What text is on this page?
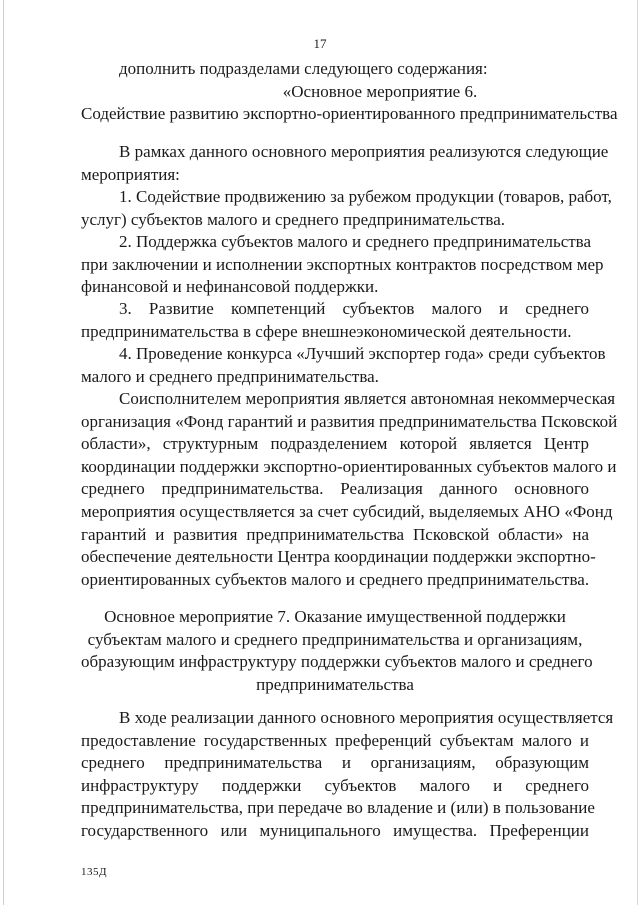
17
дополнить подразделами следующего содержания:
«Основное мероприятие 6.
Содействие развитию экспортно-ориентированного предпринимательства
В рамках данного основного мероприятия реализуются следующие
мероприятия:
1. Содействие продвижению за рубежом продукции (товаров, работ,
услуг) субъектов малого и среднего предпринимательства.
2. Поддержка субъектов малого и среднего предпринимательства
при заключении и исполнении экспортных контрактов посредством мер
финансовой и нефинансовой поддержки.
3. Развитие компетенций субъектов малого и среднего
предпринимательства в сфере внешнеэкономической деятельности.
4. Проведение конкурса «Лучший экспортер года» среди субъектов
малого и среднего предпринимательства.
Соисполнителем мероприятия является автономная некоммерческая
организация «Фонд гарантий и развития предпринимательства Псковской
области», структурным подразделением которой является Центр
координации поддержки экспортно-ориентированных субъектов малого и
среднего предпринимательства. Реализация данного основного
мероприятия осуществляется за счет субсидий, выделяемых АНО «Фонд
гарантий и развития предпринимательства Псковской области» на
обеспечение деятельности Центра координации поддержки экспортно-
ориентированных субъектов малого и среднего предпринимательства.
Основное мероприятие 7. Оказание имущественной поддержки
субъектам малого и среднего предпринимательства и организациям,
образующим инфраструктуру поддержки субъектов малого и среднего
предпринимательства
В ходе реализации данного основного мероприятия осуществляется
предоставление государственных преференций субъектам малого и
среднего предпринимательства и организациям, образующим
инфраструктуру поддержки субъектов малого и среднего
предпринимательства, при передаче во владение и (или) в пользование
государственного или муниципального имущества. Преференции
135Д
